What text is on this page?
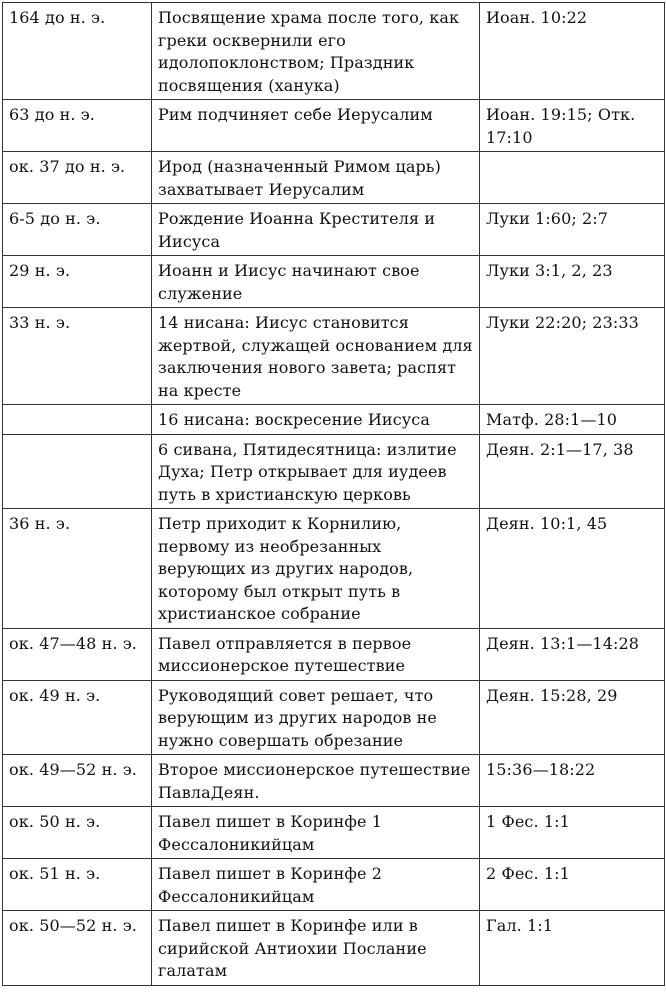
164 до н. э.	Посвящение храма после того, как греки осквернили его идолопоклонством; Праздник посвящения (ханука)	Иоан. 10:22
63 до н. э.	Рим подчиняет себе Иерусалим	Иоан. 19:15; Отк. 17:10
ок. 37 до н. э.	Ирод (назначенный Римом царь) захватывает Иерусалим	
6-5 до н. э.	Рождение Иоанна Крестителя и Иисуса	Луки 1:60; 2:7
29 н. э.	Иоанн и Иисус начинают свое служение	Луки 3:1, 2, 23
33 н. э.	14 нисана: Иисус становится жертвой, служащей основанием для заключения нового завета; распят на кресте	Луки 22:20; 23:33
	16 нисана: воскресение Иисуса	Матф. 28:1—10
	6 сивана, Пятидесятница: излитие Духа; Петр открывает для иудеев путь в христианскую церковь	Деян. 2:1—17, 38
36 н. э.	Петр приходит к Корнилию, первому из необрезанных верующих из других народов, которому был открыт путь в христианское собрание	Деян. 10:1, 45
ок. 47—48 н. э.	Павел отправляется в первое миссионерское путешествие	Деян. 13:1—14:28
ок. 49 н. э.	Руководящий совет решает, что верующим из других народов не нужно совершать обрезание	Деян. 15:28, 29
ок. 49—52 н. э.	Второе миссионерское путешествие ПавлаДеян.	15:36—18:22
ок. 50 н. э.	Павел пишет в Коринфе 1 Фессалоникийцам	1 Фес. 1:1
ок. 51 н. э.	Павел пишет в Коринфе 2 Фессалоникийцам	2 Фес. 1:1
ок. 50—52 н. э.	Павел пишет в Коринфе или в сирийской Антиохии Послание галатам	Гал. 1:1
